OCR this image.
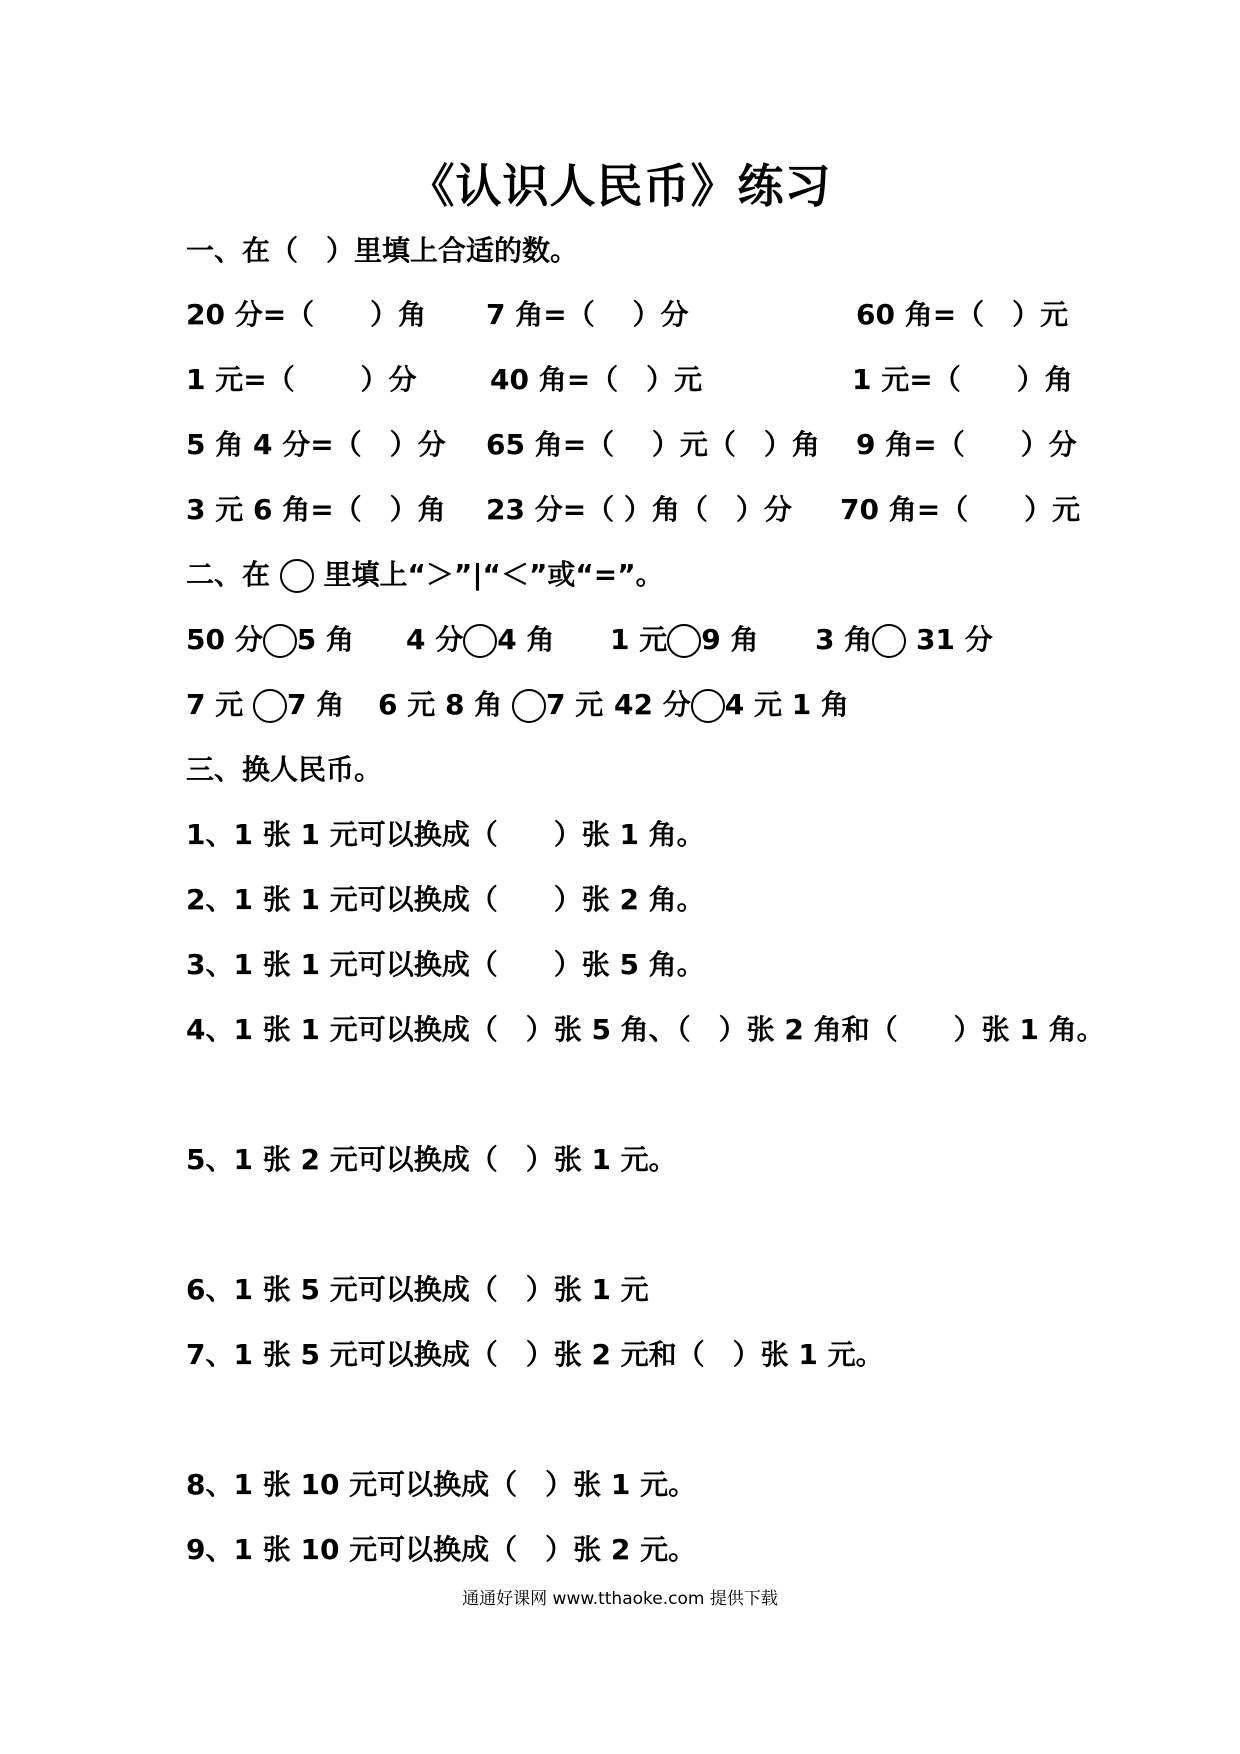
《认识人民币》练习
一、在（　）里填上合适的数。
20 分=（　　）角 7 角=（　 ）分	60 角=（　）元
1 元=（　　 ）分	40 角=（　）元	1 元=（　　）角
5 角 4 分=（　）分 65 角=（　 ）元（　）角 9 角=（　　）分
3 元 6 角=（　）角 23 分=（ ）角（　）分 70 角=（　　）元
二、在 里填上“＞”|“＜”或“=”。
50 分 5 角 4 分 4 角 1 元 9 角 3 角 31 分
7 元 7 角 6 元 8 角 7 元 42 分 4 元 1 角
三、换人民币。
1、1 张 1 元可以换成（　　）张 1 角。
2、1 张 1 元可以换成（　　）张 2 角。
3、1 张 1 元可以换成（　　）张 5 角。
4、1 张 1 元可以换成（　）张 5 角、（　）张 2 角和（　　）张 1 角。
5、1 张 2 元可以换成（　）张 1 元。
6、1 张 5 元可以换成（　）张 1 元
7、1 张 5 元可以换成（　）张 2 元和（　）张 1 元。
8、1 张 10 元可以换成（　）张 1 元。
9、1 张 10 元可以换成（　）张 2 元。
通通好课网 www.tthaoke.com 提供下载
